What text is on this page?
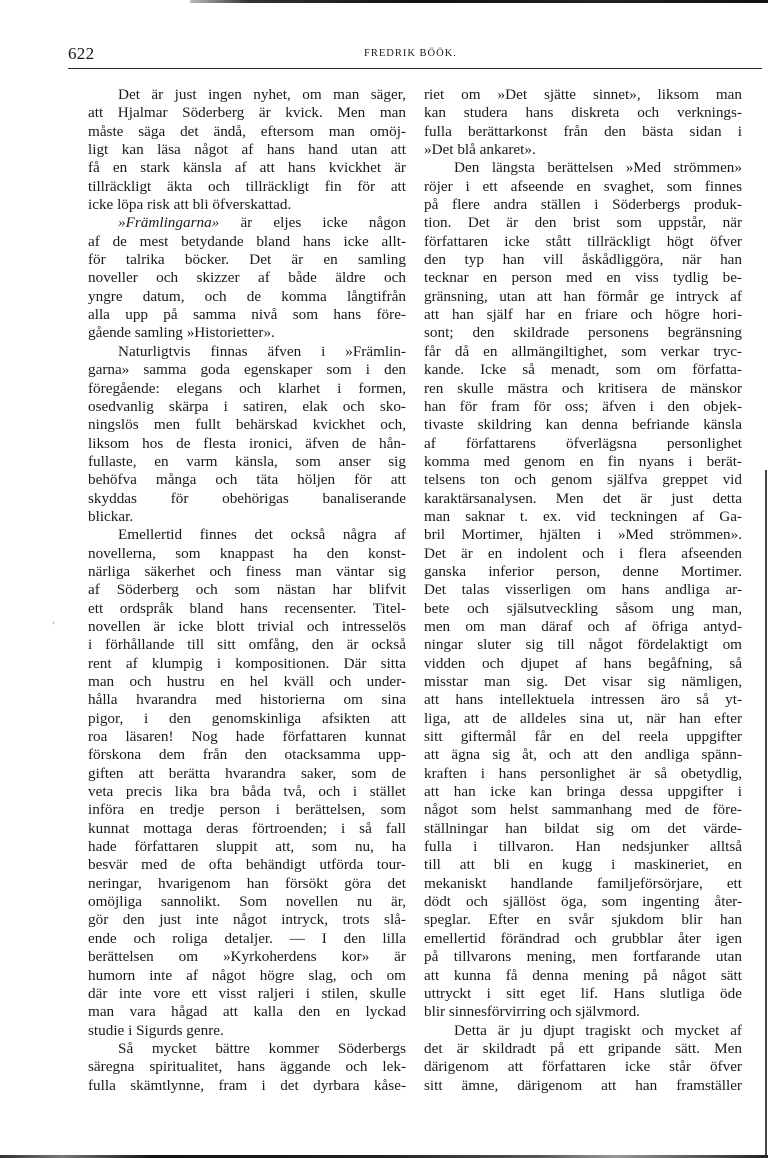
‹
622	FREDRIK BÖÖK.
Det är just ingen nyhet, om man säger,
att Hjalmar Söderberg är kvick. Men man
måste säga det ändå, eftersom man omöj-
ligt kan läsa något af hans hand utan att
få en stark känsla af att hans kvickhet är
tillräckligt äkta och tillräckligt fin för att
icke löpa risk att bli öfverskattad.
»Främlingarna» är eljes icke någon
af de mest betydande bland hans icke allt-
för talrika böcker. Det är en samling
noveller och skizzer af både äldre och
yngre datum, och de komma långtifrån
alla upp på samma nivå som hans före-
gående samling »Historietter».
Naturligtvis finnas äfven i »Främlin-
garna» samma goda egenskaper som i den
föregående: elegans och klarhet i formen,
osedvanlig skärpa i satiren, elak och sko-
ningslös men fullt behärskad kvickhet och,
liksom hos de flesta ironici, äfven de hån-
fullaste, en varm känsla, som anser sig
behöfva många och täta höljen för att
skyddas för obehörigas banaliserande
blickar.
Emellertid finnes det också några af
novellerna, som knappast ha den konst-
närliga säkerhet och finess man väntar sig
af Söderberg och som nästan har blifvit
ett ordspråk bland hans recensenter. Titel-
novellen är icke blott trivial och intresselös
i förhållande till sitt omfång, den är också
rent af klumpig i kompositionen. Där sitta
man och hustru en hel kväll och under-
hålla hvarandra med historierna om sina
pigor, i den genomskinliga afsikten att
roa läsaren! Nog hade författaren kunnat
förskona dem från den otacksamma upp-
giften att berätta hvarandra saker, som de
veta precis lika bra båda två, och i stället
införa en tredje person i berättelsen, som
kunnat mottaga deras förtroenden; i så fall
hade författaren sluppit att, som nu, ha
besvär med de ofta behändigt utförda tour-
neringar, hvarigenom han försökt göra det
omöjliga sannolikt. Som novellen nu är,
gör den just inte något intryck, trots slå-
ende och roliga detaljer. — I den lilla
berättelsen om »Kyrkoherdens kor» är
humorn inte af något högre slag, och om
där inte vore ett visst raljeri i stilen, skulle
man vara hågad att kalla den en lyckad
studie i Sigurds genre.
Så mycket bättre kommer Söderbergs
säregna spiritualitet, hans äggande och lek-
fulla skämtlynne, fram i det dyrbara kåse-
riet om »Det sjätte sinnet», liksom man
kan studera hans diskreta och verknings-
fulla berättarkonst från den bästa sidan i
»Det blå ankaret».
Den längsta berättelsen »Med strömmen»
röjer i ett afseende en svaghet, som finnes
på flere andra ställen i Söderbergs produk-
tion. Det är den brist som uppstår, när
författaren icke stått tillräckligt högt öfver
den typ han vill åskådliggöra, när han
tecknar en person med en viss tydlig be-
gränsning, utan att han förmår ge intryck af
att han själf har en friare och högre hori-
sont; den skildrade personens begränsning
får då en allmängiltighet, som verkar tryc-
kande. Icke så menadt, som om författa-
ren skulle mästra och kritisera de mänskor
han för fram för oss; äfven i den objek-
tivaste skildring kan denna befriande känsla
af författarens öfverlägsna personlighet
komma med genom en fin nyans i berät-
telsens ton och genom själfva greppet vid
karaktärsanalysen. Men det är just detta
man saknar t. ex. vid teckningen af Ga-
bril Mortimer, hjälten i »Med strömmen».
Det är en indolent och i flera afseenden
ganska inferior person, denne Mortimer.
Det talas visserligen om hans andliga ar-
bete och själsutveckling såsom ung man,
men om man däraf och af öfriga antyd-
ningar sluter sig till något fördelaktigt om
vidden och djupet af hans begåfning, så
misstar man sig. Det visar sig nämligen,
att hans intellektuela intressen äro så yt-
liga, att de alldeles sina ut, när han efter
sitt giftermål får en del reela uppgifter
att ägna sig åt, och att den andliga spänn-
kraften i hans personlighet är så obetydlig,
att han icke kan bringa dessa uppgifter i
något som helst sammanhang med de före-
ställningar han bildat sig om det värde-
fulla i tillvaron. Han nedsjunker alltså
till att bli en kugg i maskineriet, en
mekaniskt handlande familjeförsörjare, ett
dödt och själlöst öga, som ingenting åter-
speglar. Efter en svår sjukdom blir han
emellertid förändrad och grubblar åter igen
på tillvarons mening, men fortfarande utan
att kunna få denna mening på något sätt
uttryckt i sitt eget lif. Hans slutliga öde
blir sinnesförvirring och självmord.
Detta är ju djupt tragiskt och mycket af
det är skildradt på ett gripande sätt. Men
därigenom att författaren icke står öfver
sitt ämne, därigenom att han framställer
